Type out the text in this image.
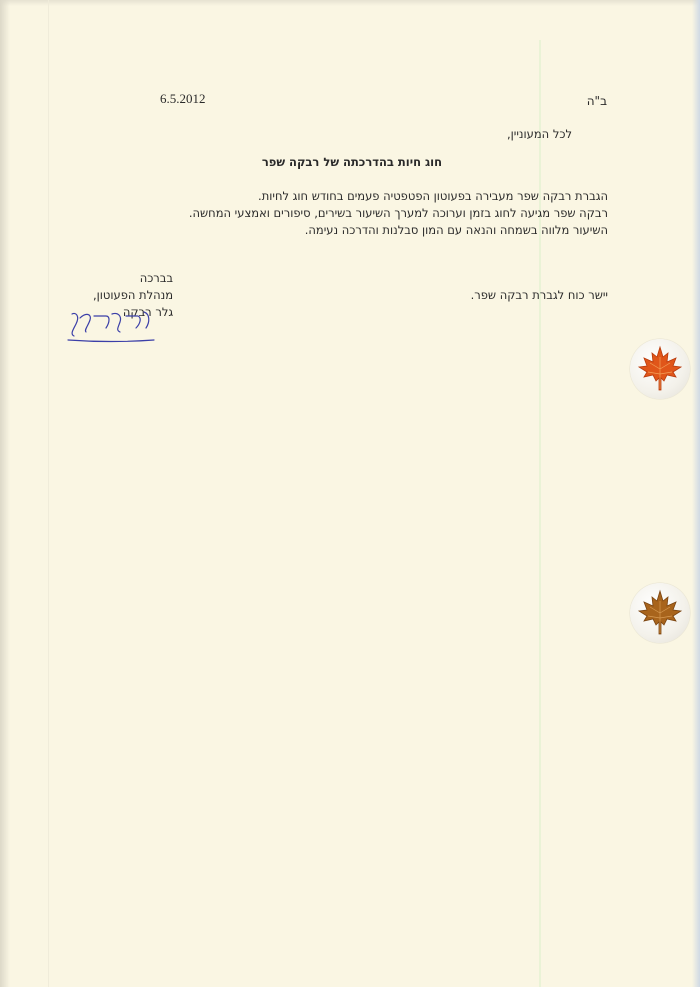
6.5.2012	ב"ה
לכל המעוניין,
חוג חיות בהדרכתה של רבקה שפר
הגברת רבקה שפר מעבירה בפעוטון הפטפטיה פעמים בחודש חוג לחיות.
רבקה שפר מגיעה לחוג בזמן וערוכה למערך השיעור בשירים, סיפורים ואמצעי המחשה.
השיעור מלווה בשמחה והנאה עם המון סבלנות והדרכה נעימה.
יישר כוח לגברת רבקה שפר.
בברכה
מנהלת הפעוטון,
גלר רבקה
